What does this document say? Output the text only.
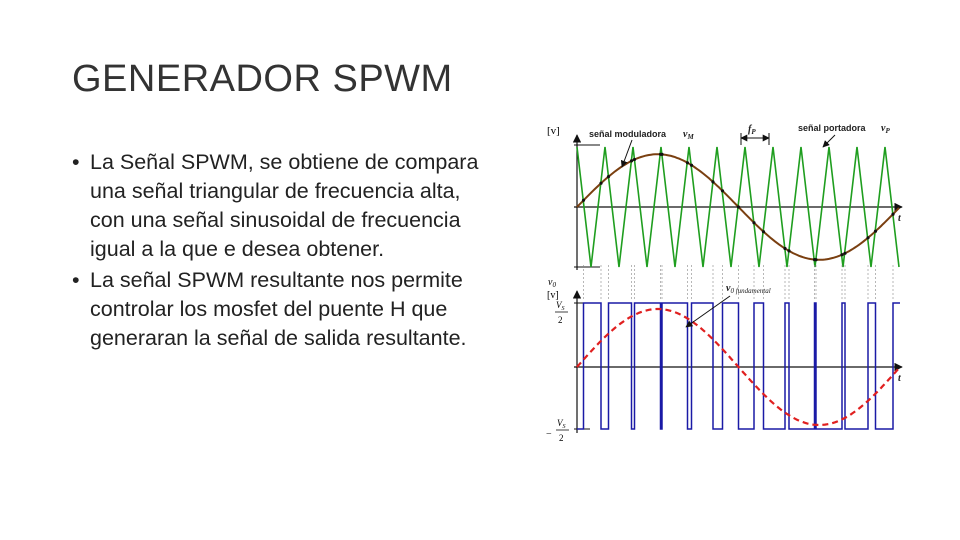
GENERADOR SPWM
• La Señal SPWM, se obtiene de compara una señal triangular de frecuencia alta, con una señal sinusoidal de frecuencia igual a la que e desea obtener.
• La señal SPWM resultante nos permite controlar los mosfet del puente H que generaran la señal de salida resultante.
[v]	señal moduladora $v_M$
$f_P$	señal portadora $v_P$
t
$v_0$
[v]
$V_S$
2
−
$V_S$
2
$v_{0 fundamental}$
t
